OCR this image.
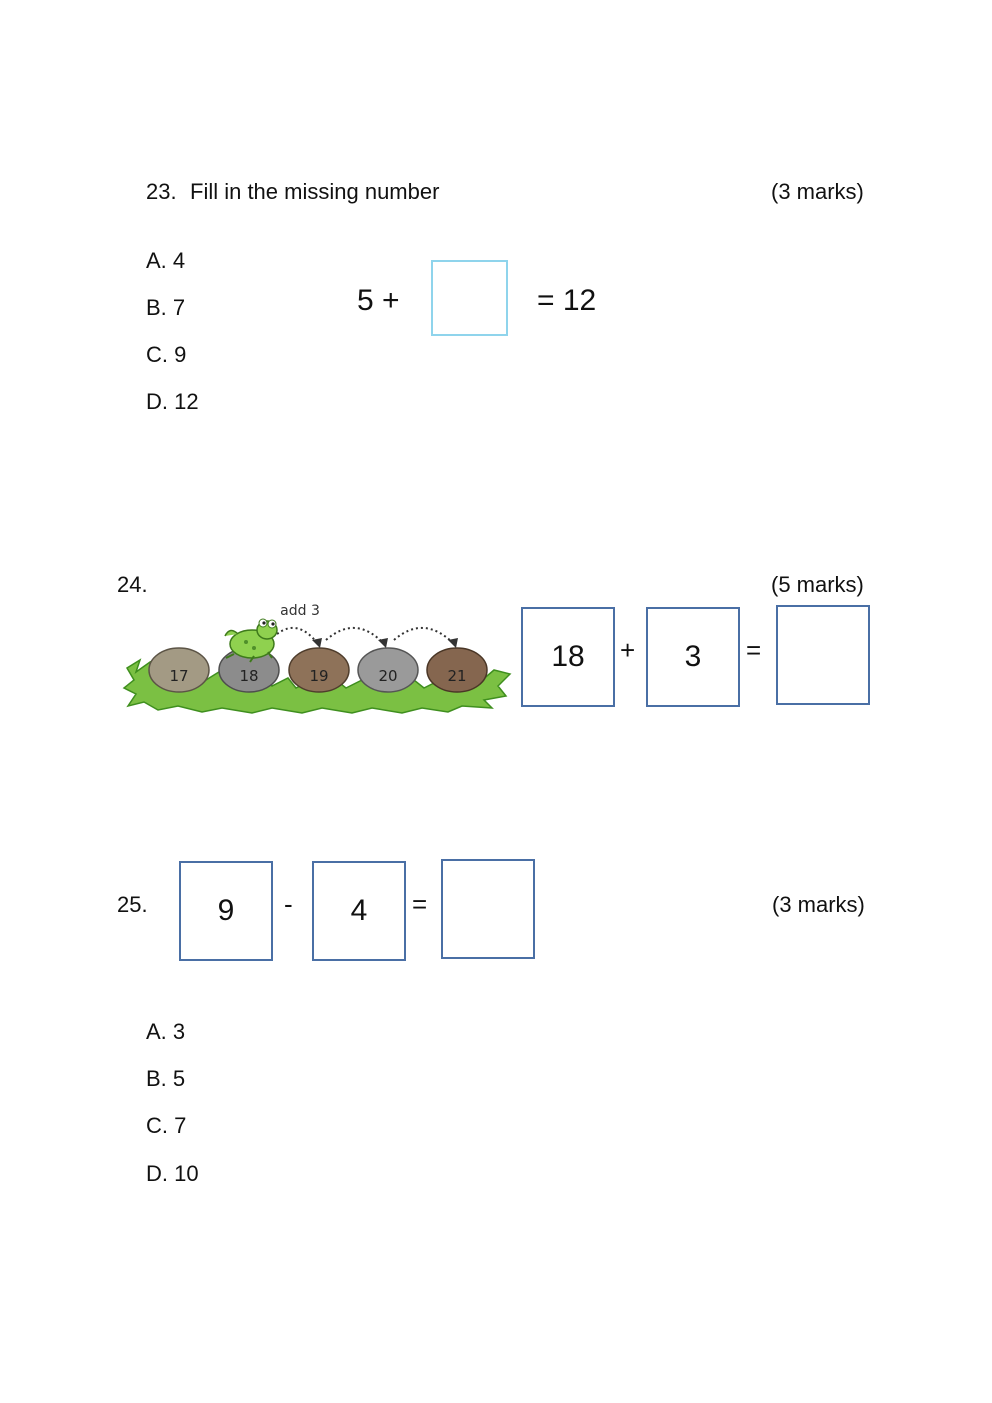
23. Fill in the missing number	(3 marks)
A. 4
B. 7
C. 9
D. 12
5 +	= 12
24.	(5 marks)
17	18	19	20	21
add 3
18	+	3	=
25.	9	-	4	=	(3 marks)
A. 3
B. 5
C. 7
D. 10
